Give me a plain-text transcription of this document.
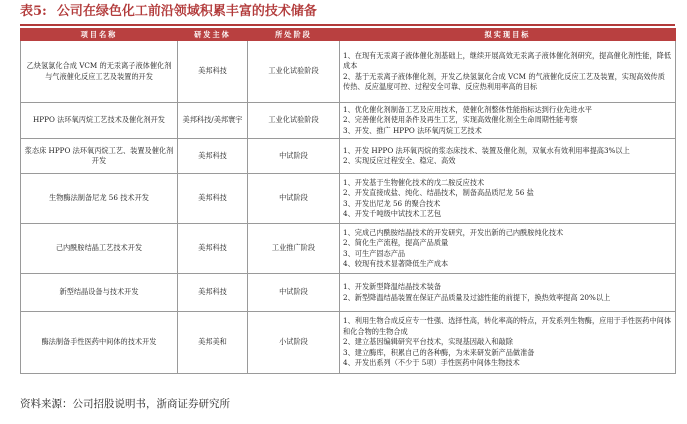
表5: 公司在绿色化工前沿领域积累丰富的技术储备
项目名称	研发主体	所处阶段	拟实现目标
乙炔氢氯化合成 VCM 的无汞离子液体催化剂与气液催化反应工艺及装置的开发	美邦科技	工业化试验阶段	1、在现有无汞离子液体催化剂基础上，继续开展高效无汞离子液体催化剂研究，提高催化剂性能，降低成本
2、基于无汞离子液体催化剂，开发乙炔氢氯化合成 VCM 的气液催化反应工艺及装置，实现高效传质传热、反应温度可控、过程安全可靠、反应热利用率高的目标

HPPO 法环氧丙烷工艺技术及催化剂开发	美邦科技/美邦寰宇	工业化试验阶段	1、优化催化剂制备工艺及应用技术，使催化剂整体性能指标达到行业先进水平
2、完善催化剂使用条件及再生工艺，实现高效催化剂全生命周期性能考察
3、开发、推广 HPPO 法环氧丙烷工艺技术

浆态床 HPPO 法环氧丙烷工艺、装置及催化剂开发	美邦科技	中试阶段	1、开发 HPPO 法环氧丙烷的浆态床技术、装置及催化剂，双氧水有效利用率提高3%以上
2、实现反应过程安全、稳定、高效

生物酶法制备尼龙 56 技术开发	美邦科技	中试阶段	1、开发基于生物催化技术的戊二胺反应技术
2、开发直接成盐、纯化、结晶技术，制备高品质尼龙 56 盐
3、开发出尼龙 56 的聚合技术
4、开发千吨级中试技术工艺包

己内酰胺结晶工艺技术开发	美邦科技	工业推广阶段	1、完成己内酰胺结晶技术的开发研究，开发出新的己内酰胺纯化技术
2、简化生产流程，提高产品质量
3、可生产固态产品
4、较现有技术显著降低生产成本

新型结晶设备与技术开发	美邦科技	中试阶段	1、开发新型降温结晶技术装备
2、新型降温结晶装置在保证产品质量及过滤性能的前提下，换热效率提高 20%以上

酶法制备手性医药中间体的技术开发	美邦美和	小试阶段	1、利用生物合成反应专一性强、选择性高，转化率高的特点，开发系列生物酶，应用于手性医药中间体和化合物的生物合成
2、建立基因编辑研究平台技术，实现基因敲入和敲除
3、建立酶库，积累自己的各种酶，为未来研发新产品做准备
4、开发出系列（不少于 5项）手性医药中间体生物技术
资料来源：公司招股说明书，浙商证券研究所
